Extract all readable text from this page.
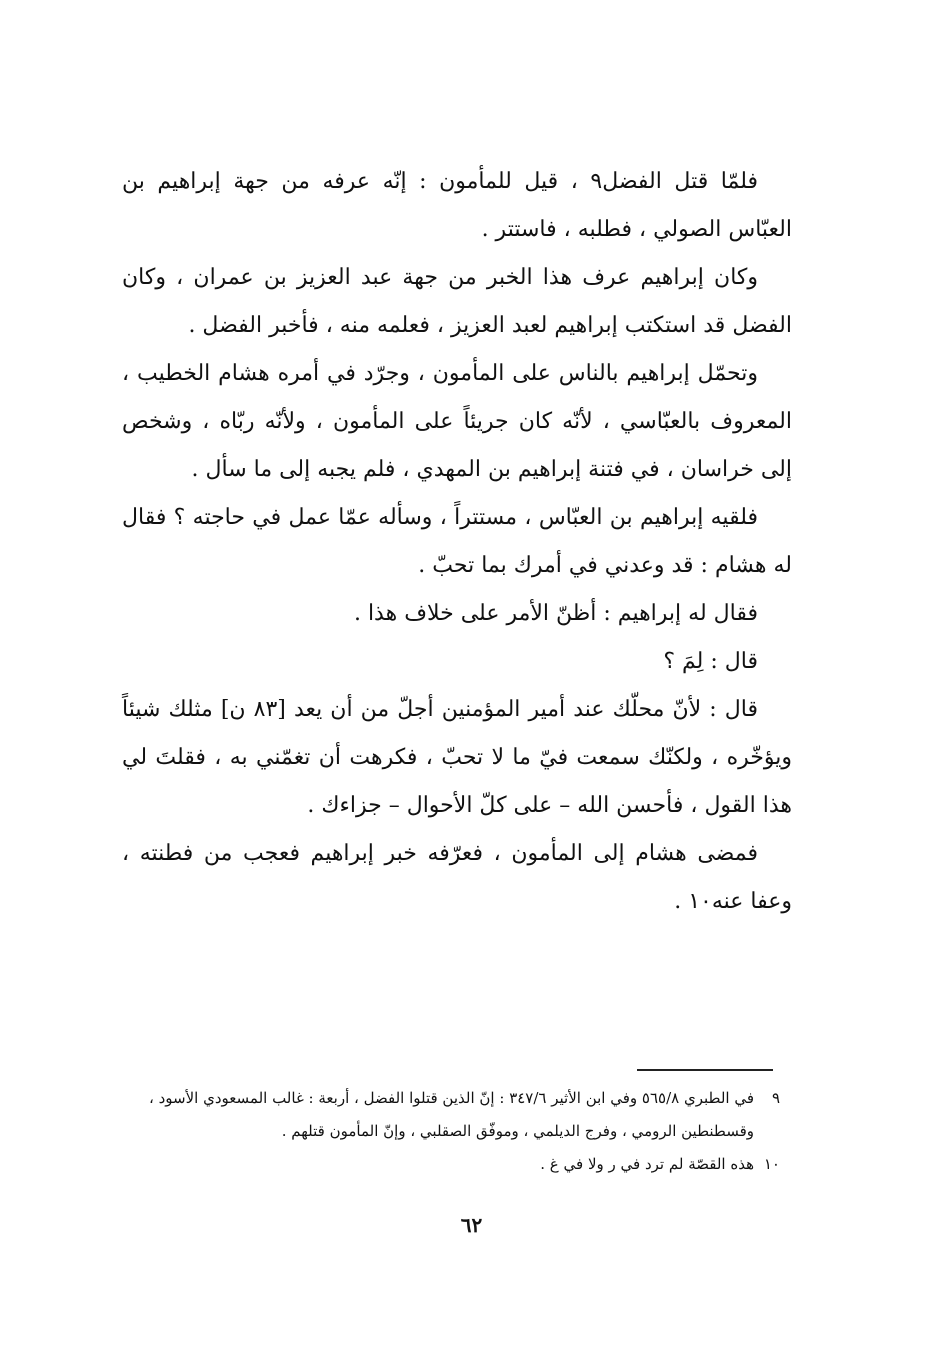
فلمّا قتل الفضل٩ ، قيل للمأمون : إنّه عرفه من جهة إبراهيم بن العبّاس الصولي ، فطلبه ، فاستتر .

وكان إبراهيم عرف هذا الخبر من جهة عبد العزيز بن عمران ، وكان الفضل قد استكتب إبراهيم لعبد العزيز ، فعلمه منه ، فأخبر الفضل .

وتحمّل إبراهيم بالناس على المأمون ، وجرّد في أمره هشام الخطيب ، المعروف بالعبّاسي ، لأنّه كان جريئاً على المأمون ، ولأنّه ربّاه ، وشخص إلى خراسان ، في فتنة إبراهيم بن المهدي ، فلم يجبه إلى ما سأل .

فلقيه إبراهيم بن العبّاس ، مستتراً ، وسأله عمّا عمل في حاجته ؟ فقال له هشام : قد وعدني في أمرك بما تحبّ .

فقال له إبراهيم : أظنّ الأمر على خلاف هذا .

قال : لِمَ ؟

قال : لأنّ محلّك عند أمير المؤمنين أجلّ من أن يعد [٨٣ ن] مثلك شيئاً ويؤخّره ، ولكنّك سمعت فيّ ما لا تحبّ ، فكرهت أن تغمّني به ، فقلتَ لي هذا القول ، فأحسن الله – على كلّ الأحوال – جزاءك .

فمضى هشام إلى المأمون ، فعرّفه خبر إبراهيم فعجب من فطنته ، وعفا عنه١٠ .

٩
في الطبري ٥٦٥/٨ وفي ابن الأثير ٣٤٧/٦ : إنّ الذين قتلوا الفضل ، أربعة : غالب المسعودي الأسود ، وقسطنطين الرومي ، وفرج الديلمي ، وموفّق الصقلبي ، وإنّ المأمون قتلهم .

١٠
هذه القصّة لم ترد في ر ولا في غ .

٦٢
